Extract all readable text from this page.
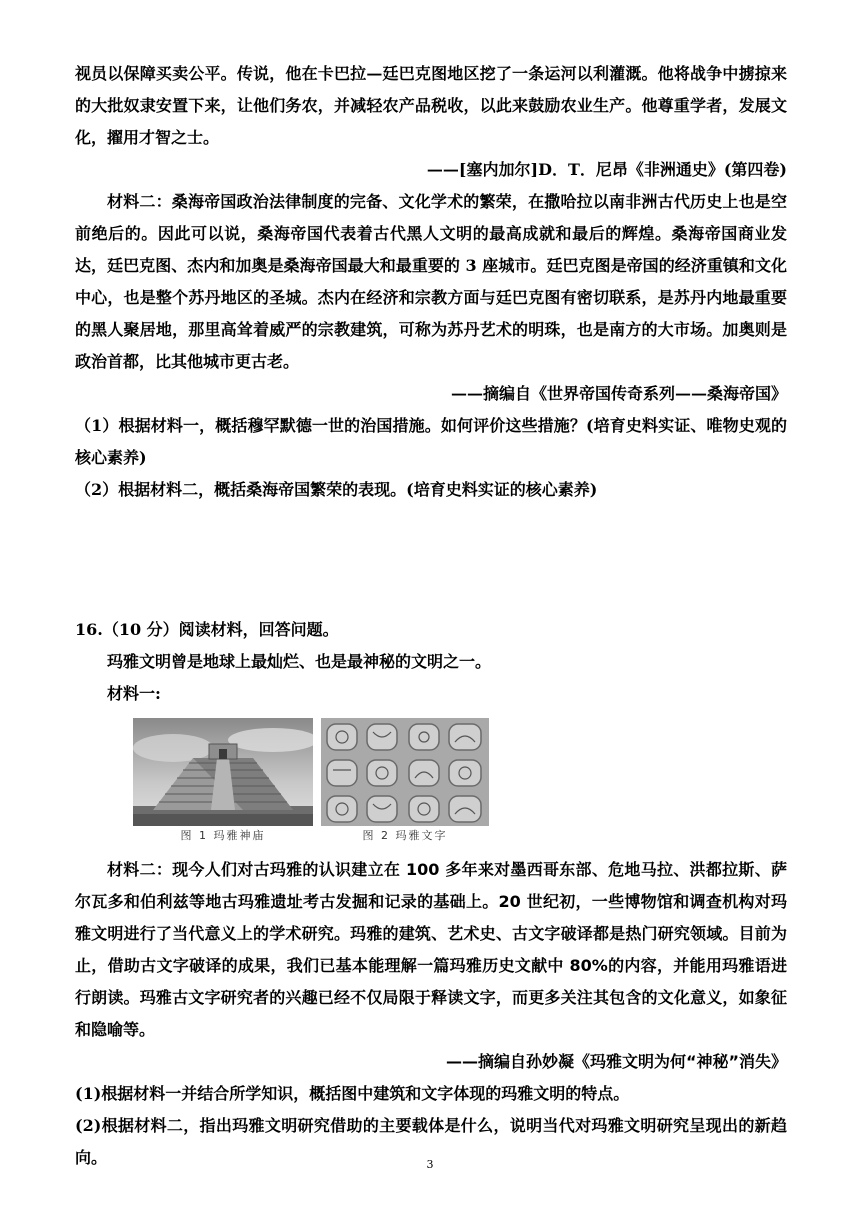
视员以保障买卖公平。传说，他在卡巴拉—廷巴克图地区挖了一条运河以利灌溉。他将战争中掳掠来的大批奴隶安置下来，让他们务农，并减轻农产品税收，以此来鼓励农业生产。他尊重学者，发展文化，擢用才智之士。

——[塞内加尔]D．T．尼昂《非洲通史》(第四卷)

材料二：桑海帝国政治法律制度的完备、文化学术的繁荣，在撒哈拉以南非洲古代历史上也是空前绝后的。因此可以说，桑海帝国代表着古代黑人文明的最高成就和最后的辉煌。桑海帝国商业发达，廷巴克图、杰内和加奥是桑海帝国最大和最重要的 3 座城市。廷巴克图是帝国的经济重镇和文化中心，也是整个苏丹地区的圣城。杰内在经济和宗教方面与廷巴克图有密切联系，是苏丹内地最重要的黑人聚居地，那里高耸着威严的宗教建筑，可称为苏丹艺术的明珠，也是南方的大市场。加奥则是政治首都，比其他城市更古老。

——摘编自《世界帝国传奇系列——桑海帝国》

（1）根据材料一，概括穆罕默德一世的治国措施。如何评价这些措施？(培育史料实证、唯物史观的核心素养)

（2）根据材料二，概括桑海帝国繁荣的表现。(培育史料实证的核心素养)

16.（10 分）阅读材料，回答问题。

玛雅文明曾是地球上最灿烂、也是最神秘的文明之一。

材料一:

图 1 玛雅神庙	图 2 玛雅文字

材料二：现今人们对古玛雅的认识建立在 100 多年来对墨西哥东部、危地马拉、洪都拉斯、萨尔瓦多和伯利兹等地古玛雅遗址考古发掘和记录的基础上。20 世纪初，一些博物馆和调查机构对玛雅文明进行了当代意义上的学术研究。玛雅的建筑、艺术史、古文字破译都是热门研究领域。目前为止，借助古文字破译的成果，我们已基本能理解一篇玛雅历史文献中 80%的内容，并能用玛雅语进行朗读。玛雅古文字研究者的兴趣已经不仅局限于释读文字，而更多关注其包含的文化意义，如象征和隐喻等。

——摘编自孙妙凝《玛雅文明为何“神秘”消失》

(1)根据材料一并结合所学知识，概括图中建筑和文字体现的玛雅文明的特点。

(2)根据材料二，指出玛雅文明研究借助的主要载体是什么，说明当代对玛雅文明研究呈现出的新趋向。	3
